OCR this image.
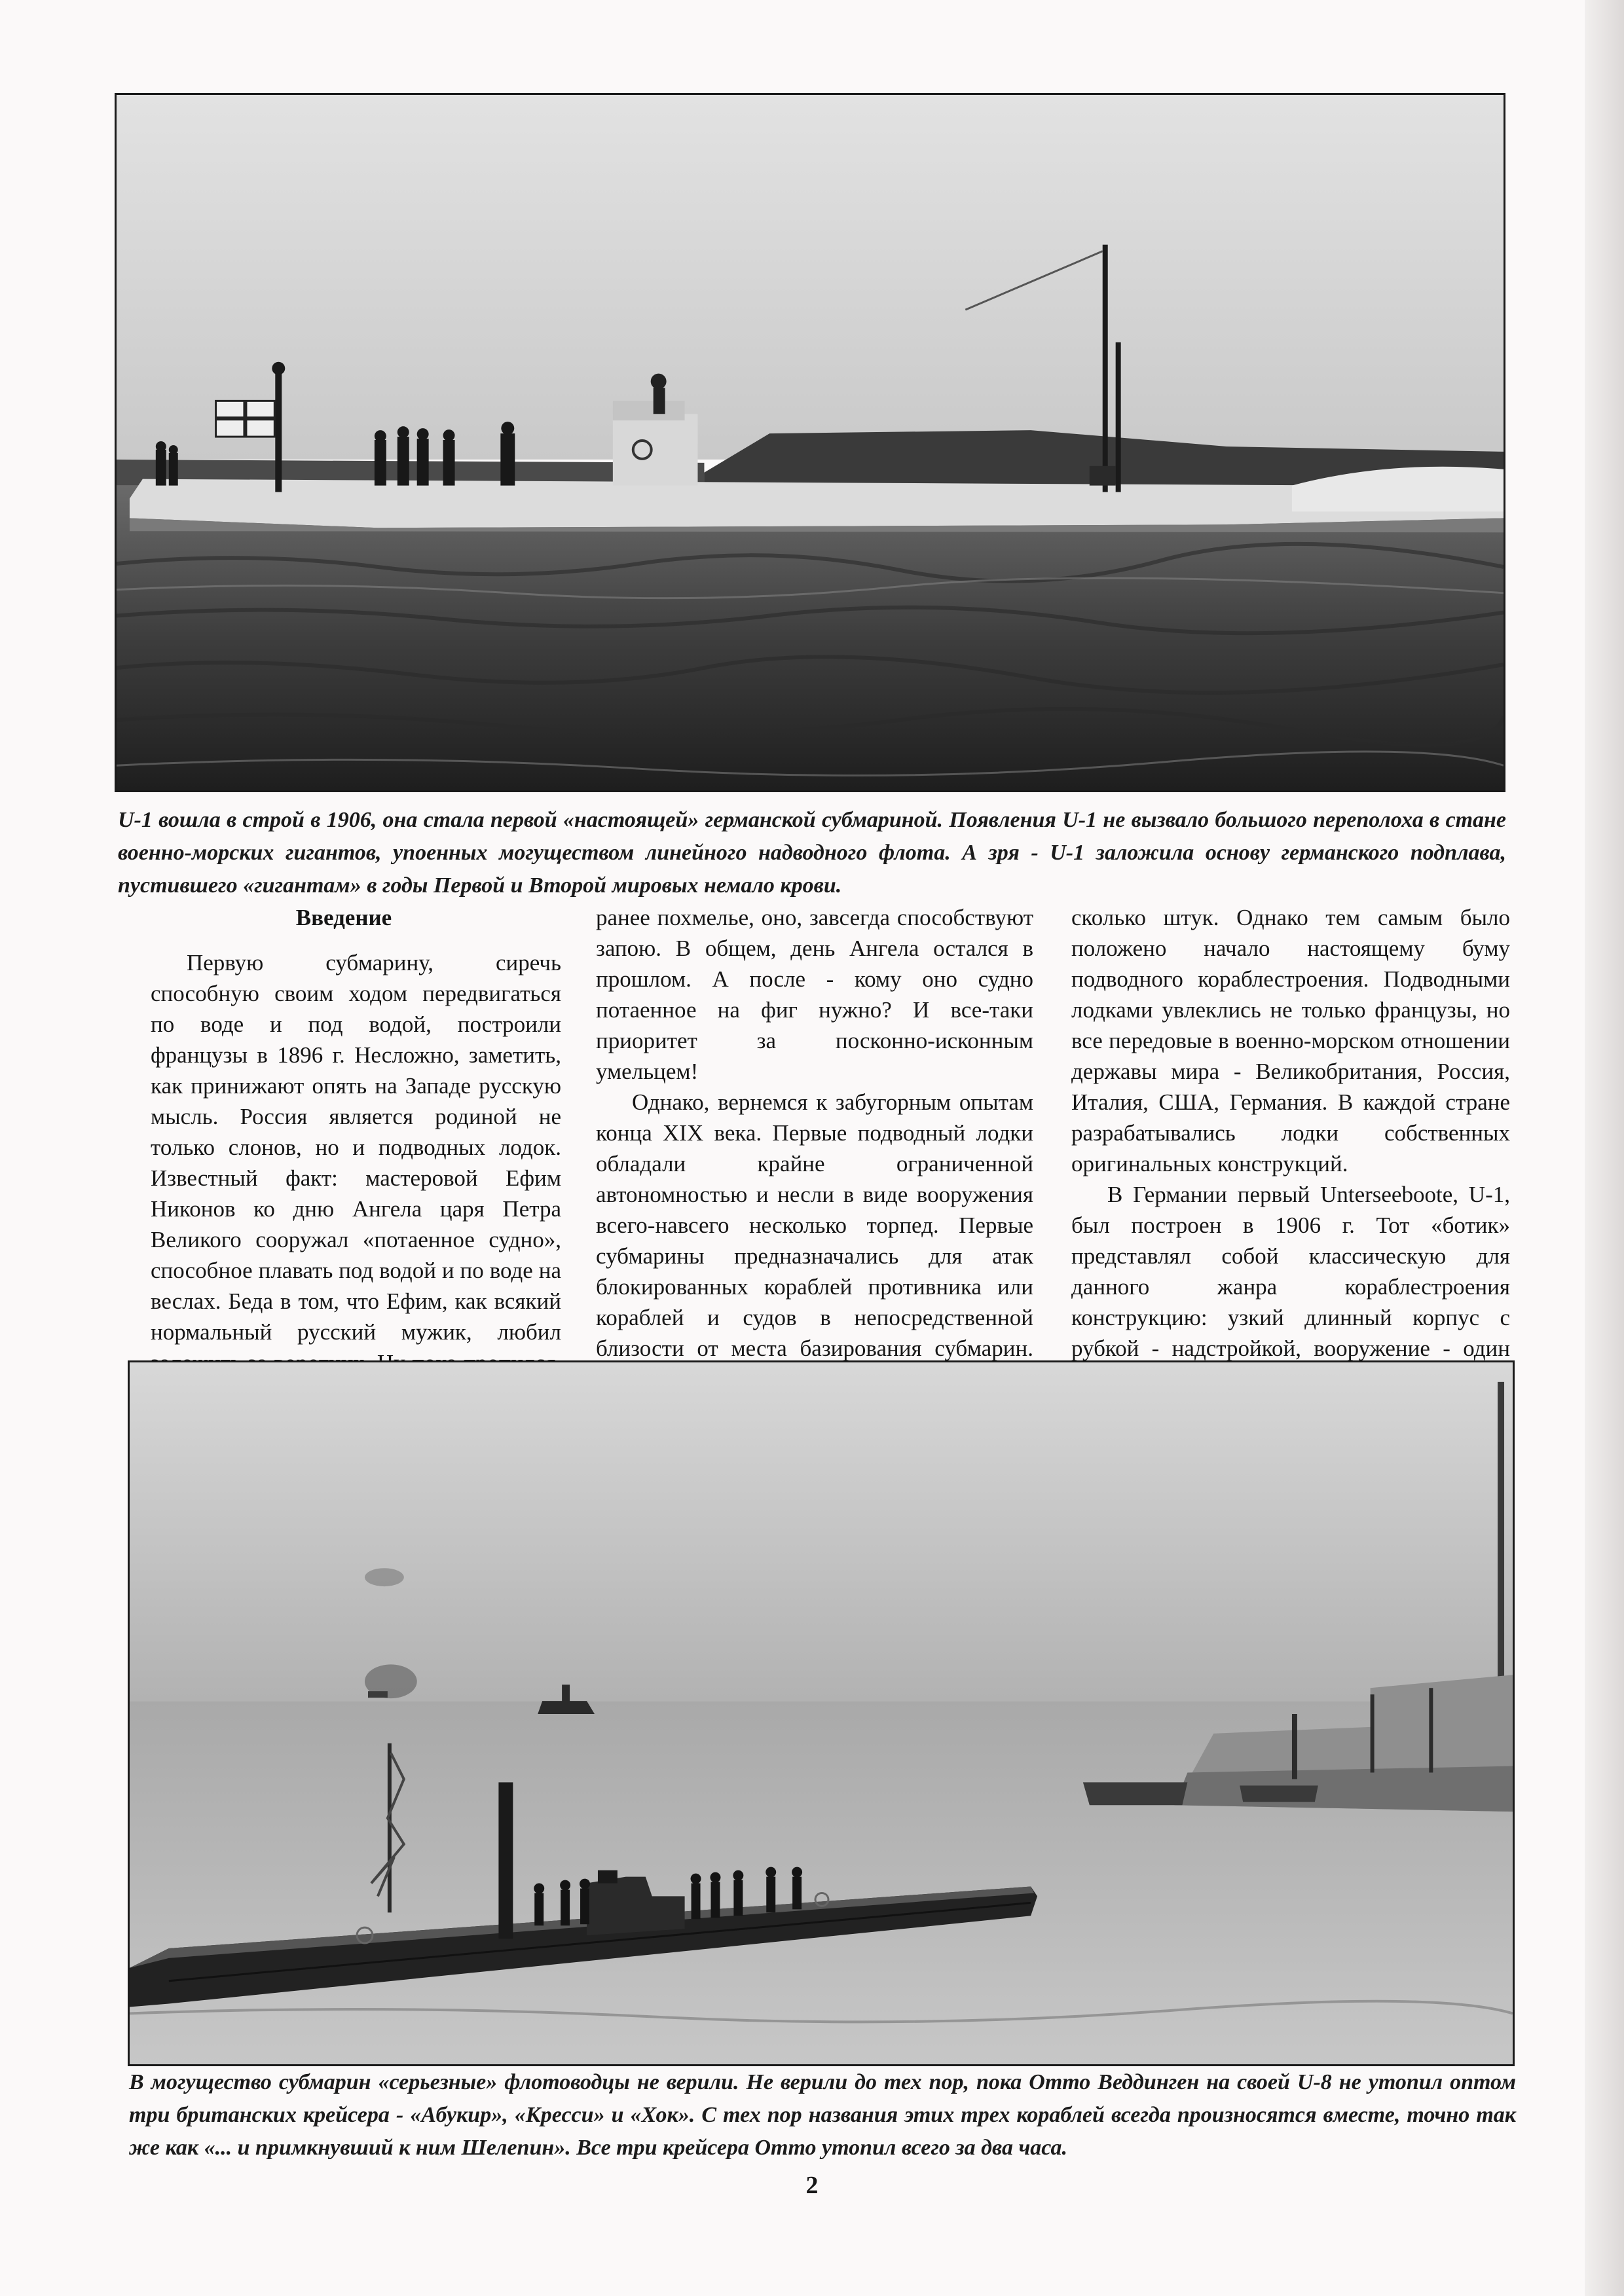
U-1 вошла в строй в 1906, она стала первой «настоящей» германской субмариной. Появления U-1 не вызвало большого переполоха в стане военно-морских гигантов, упоенных могуществом линейного надводного флота. А зря - U-1 заложила основу германского подплава, пустившего «гигантам» в годы Первой и Второй мировых немало крови.

Введение

Первую субмарину, сиречь способную своим ходом передвигаться по воде и под водой, построили французы в 1896 г. Несложно, заметить, как принижают опять на Западе русскую мысль. Россия является родиной не только слонов, но и подводных лодок. Известный факт: мастеровой Ефим Никонов ко дню Ангела царя Петра Великого сооружал «потаенное судно», способное плавать под водой и по воде на веслах. Беда в том, что Ефим, как всякий нормальный русский мужик, любил

ранее похмелье, оно, завсегда способствуют запою. В общем, день Ангела остался в прошлом. А после - кому оно судно потаенное на фиг нужно? И все-таки приоритет за посконно-исконным умельцем!

Однако, вернемся к забугорным опытам конца XIX века. Первые подводный лодки обладали крайне ограниченной автономностью и несли в виде вооружения всего-навсего несколько торпед. Первые субмарины предназначались для атак блокированных кораблей противника или кораблей и судов в непосредственной близости от места базирования субмарин.

сколько штук. Однако тем самым было положено начало настоящему буму подводного кораблестроения. Подводными лодками увлеклись не только французы, но все передовые в военно-морском отношении державы мира - Великобритания, Россия, Италия, США, Германия. В каждой стране разрабатывались лодки собственных оригинальных конструкций.

В Германии первый Unterseeboote, U-1, был построен в 1906 г. Тот «ботик» представлял собой классическую для данного жанра кораблестроения конструкцию: узкий длинный корпус с рубкой - надстройкой, вооружение - один

В могущество субмарин «серьезные» флотоводцы не верили. Не верили до тех пор, пока Отто Веддинген на своей U-8 не утопил оптом три британских крейсера - «Абукир», «Кресси» и «Хок». С тех пор названия этих трех кораблей всегда произносятся вместе, точно так же как «... и примкнувший к ним Шелепин». Все три крейсера Отто утопил всего за два часа.

2
